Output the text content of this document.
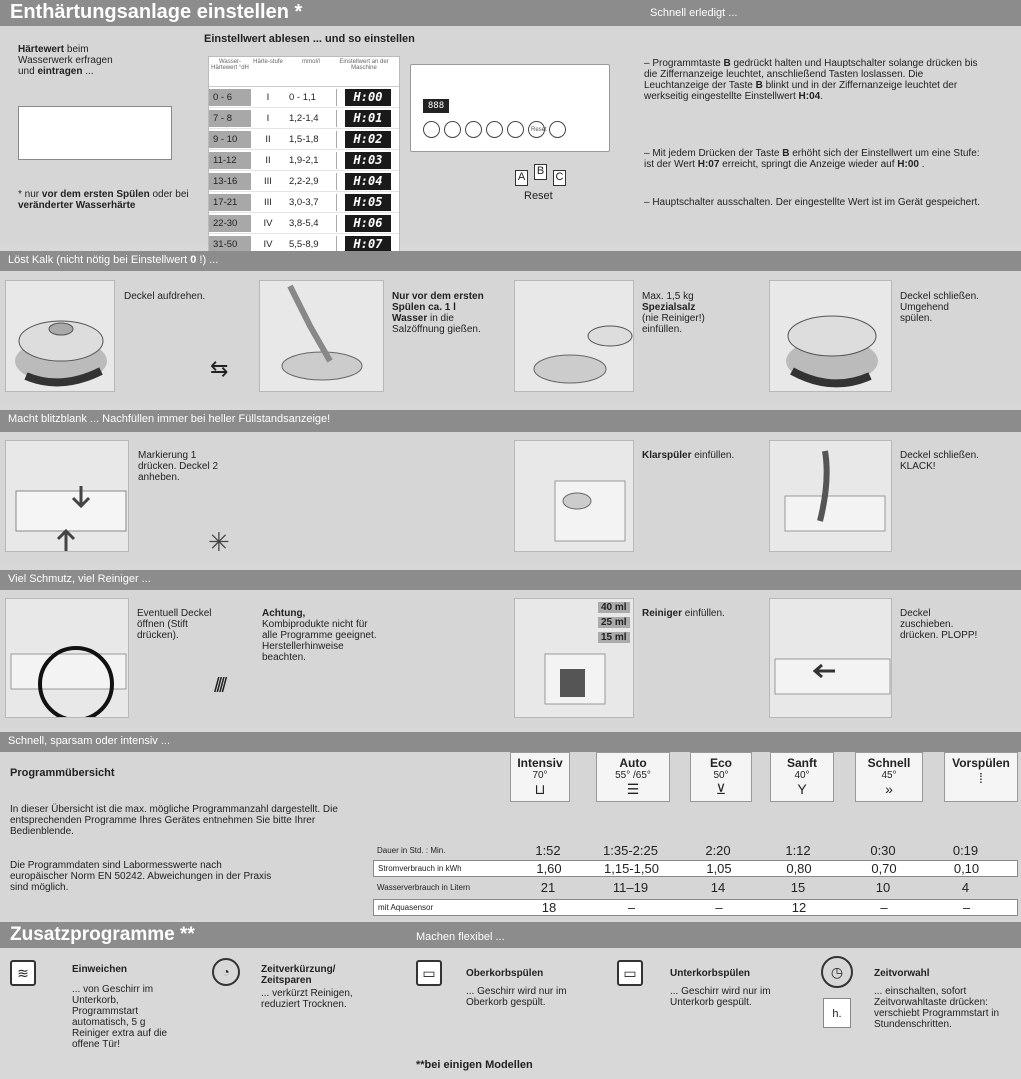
Enthärtungsanlage einstellen *	Schnell erledigt ...
Härtewert beim
Wasserwerk erfragen
und eintragen ...
* nur vor dem ersten Spülen oder bei veränderter Wasserhärte
Einstellwert ablesen ... und so einstellen
Wasser-Härtewert °dH
Härte-stufe	mmol/l	Einstellwert an der Maschine
0 - 6	I	0 - 1,1	H:00
7 - 8	I	1,2-1,4	H:01
9 - 10	II	1,5-1,8	H:02
11-12	II	1,9-2,1	H:03
13-16	III	2,2-2,9	H:04
17-21	III	3,0-3,7	H:05
22-30	IV	3,8-5,4	H:06
31-50	IV	5,5-8,9	H:07
888
Reset
A B C
Reset
– Programmtaste B gedrückt halten und Hauptschalter solange drücken bis die Ziffernanzeige leuchtet, anschließend Tasten loslassen. Die Leuchtanzeige der Taste B blinkt und in der Ziffernanzeige leuchtet der werkseitig eingestellte Einstellwert H:04.
– Mit jedem Drücken der Taste B erhöht sich der Einstellwert um eine Stufe: ist der Wert H:07 erreicht, springt die Anzeige wieder auf H:00 .
– Hauptschalter ausschalten. Der eingestellte Wert ist im Gerät gespeichert.
Löst Kalk (nicht nötig bei Einstellwert 0 !) ...
Deckel aufdrehen.
⇆
Nur vor dem ersten Spülen ca. 1 l Wasser in die Salzöffnung gießen.
Max. 1,5 kg
Spezialsalz
(nie Reiniger!) einfüllen.
Deckel schließen. Umgehend spülen.
Macht blitzblank ... Nachfüllen immer bei heller Füllstandsanzeige!
Markierung 1 drücken. Deckel 2 anheben.
✳
Klarspüler einfüllen.	Deckel schließen. KLACK!
Viel Schmutz, viel Reiniger ...
Eventuell Deckel öffnen (Stift drücken).
////
Achtung,
Kombiprodukte nicht für alle Programme geeignet. Herstellerhinweise beachten.
40 ml
25 ml
15 ml
Reiniger einfüllen.	Deckel zuschieben. drücken. PLOPP!
Schnell, sparsam oder intensiv ...
Programmübersicht
In dieser Übersicht ist die max. mögliche Programmanzahl dargestellt. Die entsprechenden Programme Ihres Gerätes entnehmen Sie bitte Ihrer Bedienblende.
Die Programmdaten sind Labormesswerte nach europäischer Norm EN 50242. Abweichungen in der Praxis sind möglich.
Intensiv
70°
⊔
Auto
55° /65°
☰
Eco
50°
⊻
Sanft
40°
Y
Schnell
45°
»
Vorspülen
⁞
Dauer in Std. : Min.	1:52	1:35-2:25	2:20	1:12	0:30	0:19
Stromverbrauch in kWh	1,60	1,15-1,50	1,05	0,80	0,70	0,10
Wasserverbrauch in Litern	21	11–19	14	15	10	4
mit Aquasensor	18	–	–	12	–	–
Zusatzprogramme **	Machen flexibel ...
≋	Einweichen
... von Geschirr im Unterkorb, Programmstart automatisch, 5 g Reiniger extra auf die offene Tür!
◔	Zeitverkürzung/ Zeitsparen
... verkürzt Reinigen, reduziert Trocknen.
▭	Oberkorbspülen
... Geschirr wird nur im Oberkorb gespült.
▭	Unterkorbspülen
... Geschirr wird nur im Unterkorb gespült.
◷
h.
Zeitvorwahl
... einschalten, sofort Zeitvorwahltaste drücken: verschiebt Programmstart in Stundenschritten.
**bei einigen Modellen
